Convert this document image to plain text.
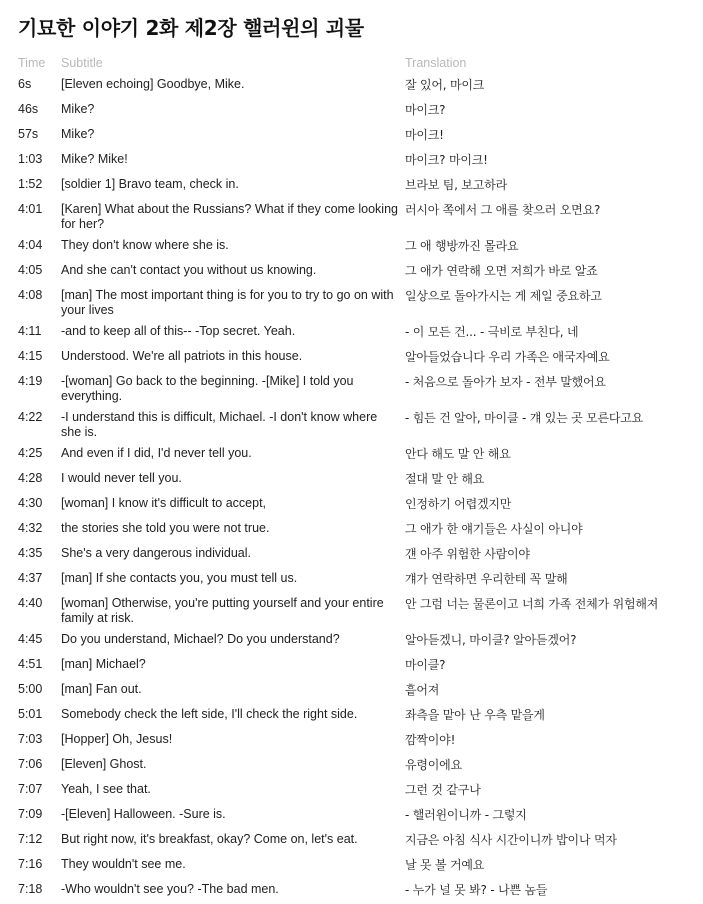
기묘한 이야기 2화 제2장 핼러윈의 괴물
Time	Subtitle	Translation
6s	[Eleven echoing] Goodbye, Mike.	잘 있어, 마이크
46s	Mike?	마이크?
57s	Mike?	마이크!
1:03	Mike? Mike!	마이크? 마이크!
1:52	[soldier 1] Bravo team, check in.	브라보 팀, 보고하라
4:01	[Karen] What about the Russians? What if they come looking for her?	러시아 쪽에서 그 애를 찾으러 오면요?
4:04	They don't know where she is.	그 애 행방까진 몰라요
4:05	And she can't contact you without us knowing.	그 애가 연락해 오면 저희가 바로 알죠
4:08	[man] The most important thing is for you to try to go on with your lives	일상으로 돌아가시는 게 제일 중요하고
4:11	-and to keep all of this-- -Top secret. Yeah.	- 이 모든 건... - 극비로 부친다, 네
4:15	Understood. We're all patriots in this house.	알아들었습니다 우리 가족은 애국자예요
4:19	-[woman] Go back to the beginning. -[Mike] I told you everything.	- 처음으로 돌아가 보자 - 전부 말했어요
4:22	-I understand this is difficult, Michael. -I don't know where she is.	- 힘든 건 알아, 마이클 - 걔 있는 곳 모른다고요
4:25	And even if I did, I'd never tell you.	안다 해도 말 안 해요
4:28	I would never tell you.	절대 말 안 해요
4:30	[woman] I know it's difficult to accept,	인정하기 어렵겠지만
4:32	the stories she told you were not true.	그 애가 한 얘기들은 사실이 아니야
4:35	She's a very dangerous individual.	걘 아주 위험한 사람이야
4:37	[man] If she contacts you, you must tell us.	걔가 연락하면 우리한테 꼭 말해
4:40	[woman] Otherwise, you're putting yourself and your entire family at risk.	안 그럼 너는 물론이고 너희 가족 전체가 위험해져
4:45	Do you understand, Michael? Do you understand?	알아듣겠니, 마이클? 알아듣겠어?
4:51	[man] Michael?	마이클?
5:00	[man] Fan out.	흩어져
5:01	Somebody check the left side, I'll check the right side.	좌측을 맡아 난 우측 맡을게
7:03	[Hopper] Oh, Jesus!	깜짝이야!
7:06	[Eleven] Ghost.	유령이에요
7:07	Yeah, I see that.	그런 것 같구나
7:09	-[Eleven] Halloween. -Sure is.	- 핼러윈이니까 - 그렇지
7:12	But right now, it's breakfast, okay? Come on, let's eat.	지금은 아침 식사 시간이니까 밥이나 먹자
7:16	They wouldn't see me.	날 못 볼 거예요
7:18	-Who wouldn't see you? -The bad men.	- 누가 널 못 봐? - 나쁜 놈들
